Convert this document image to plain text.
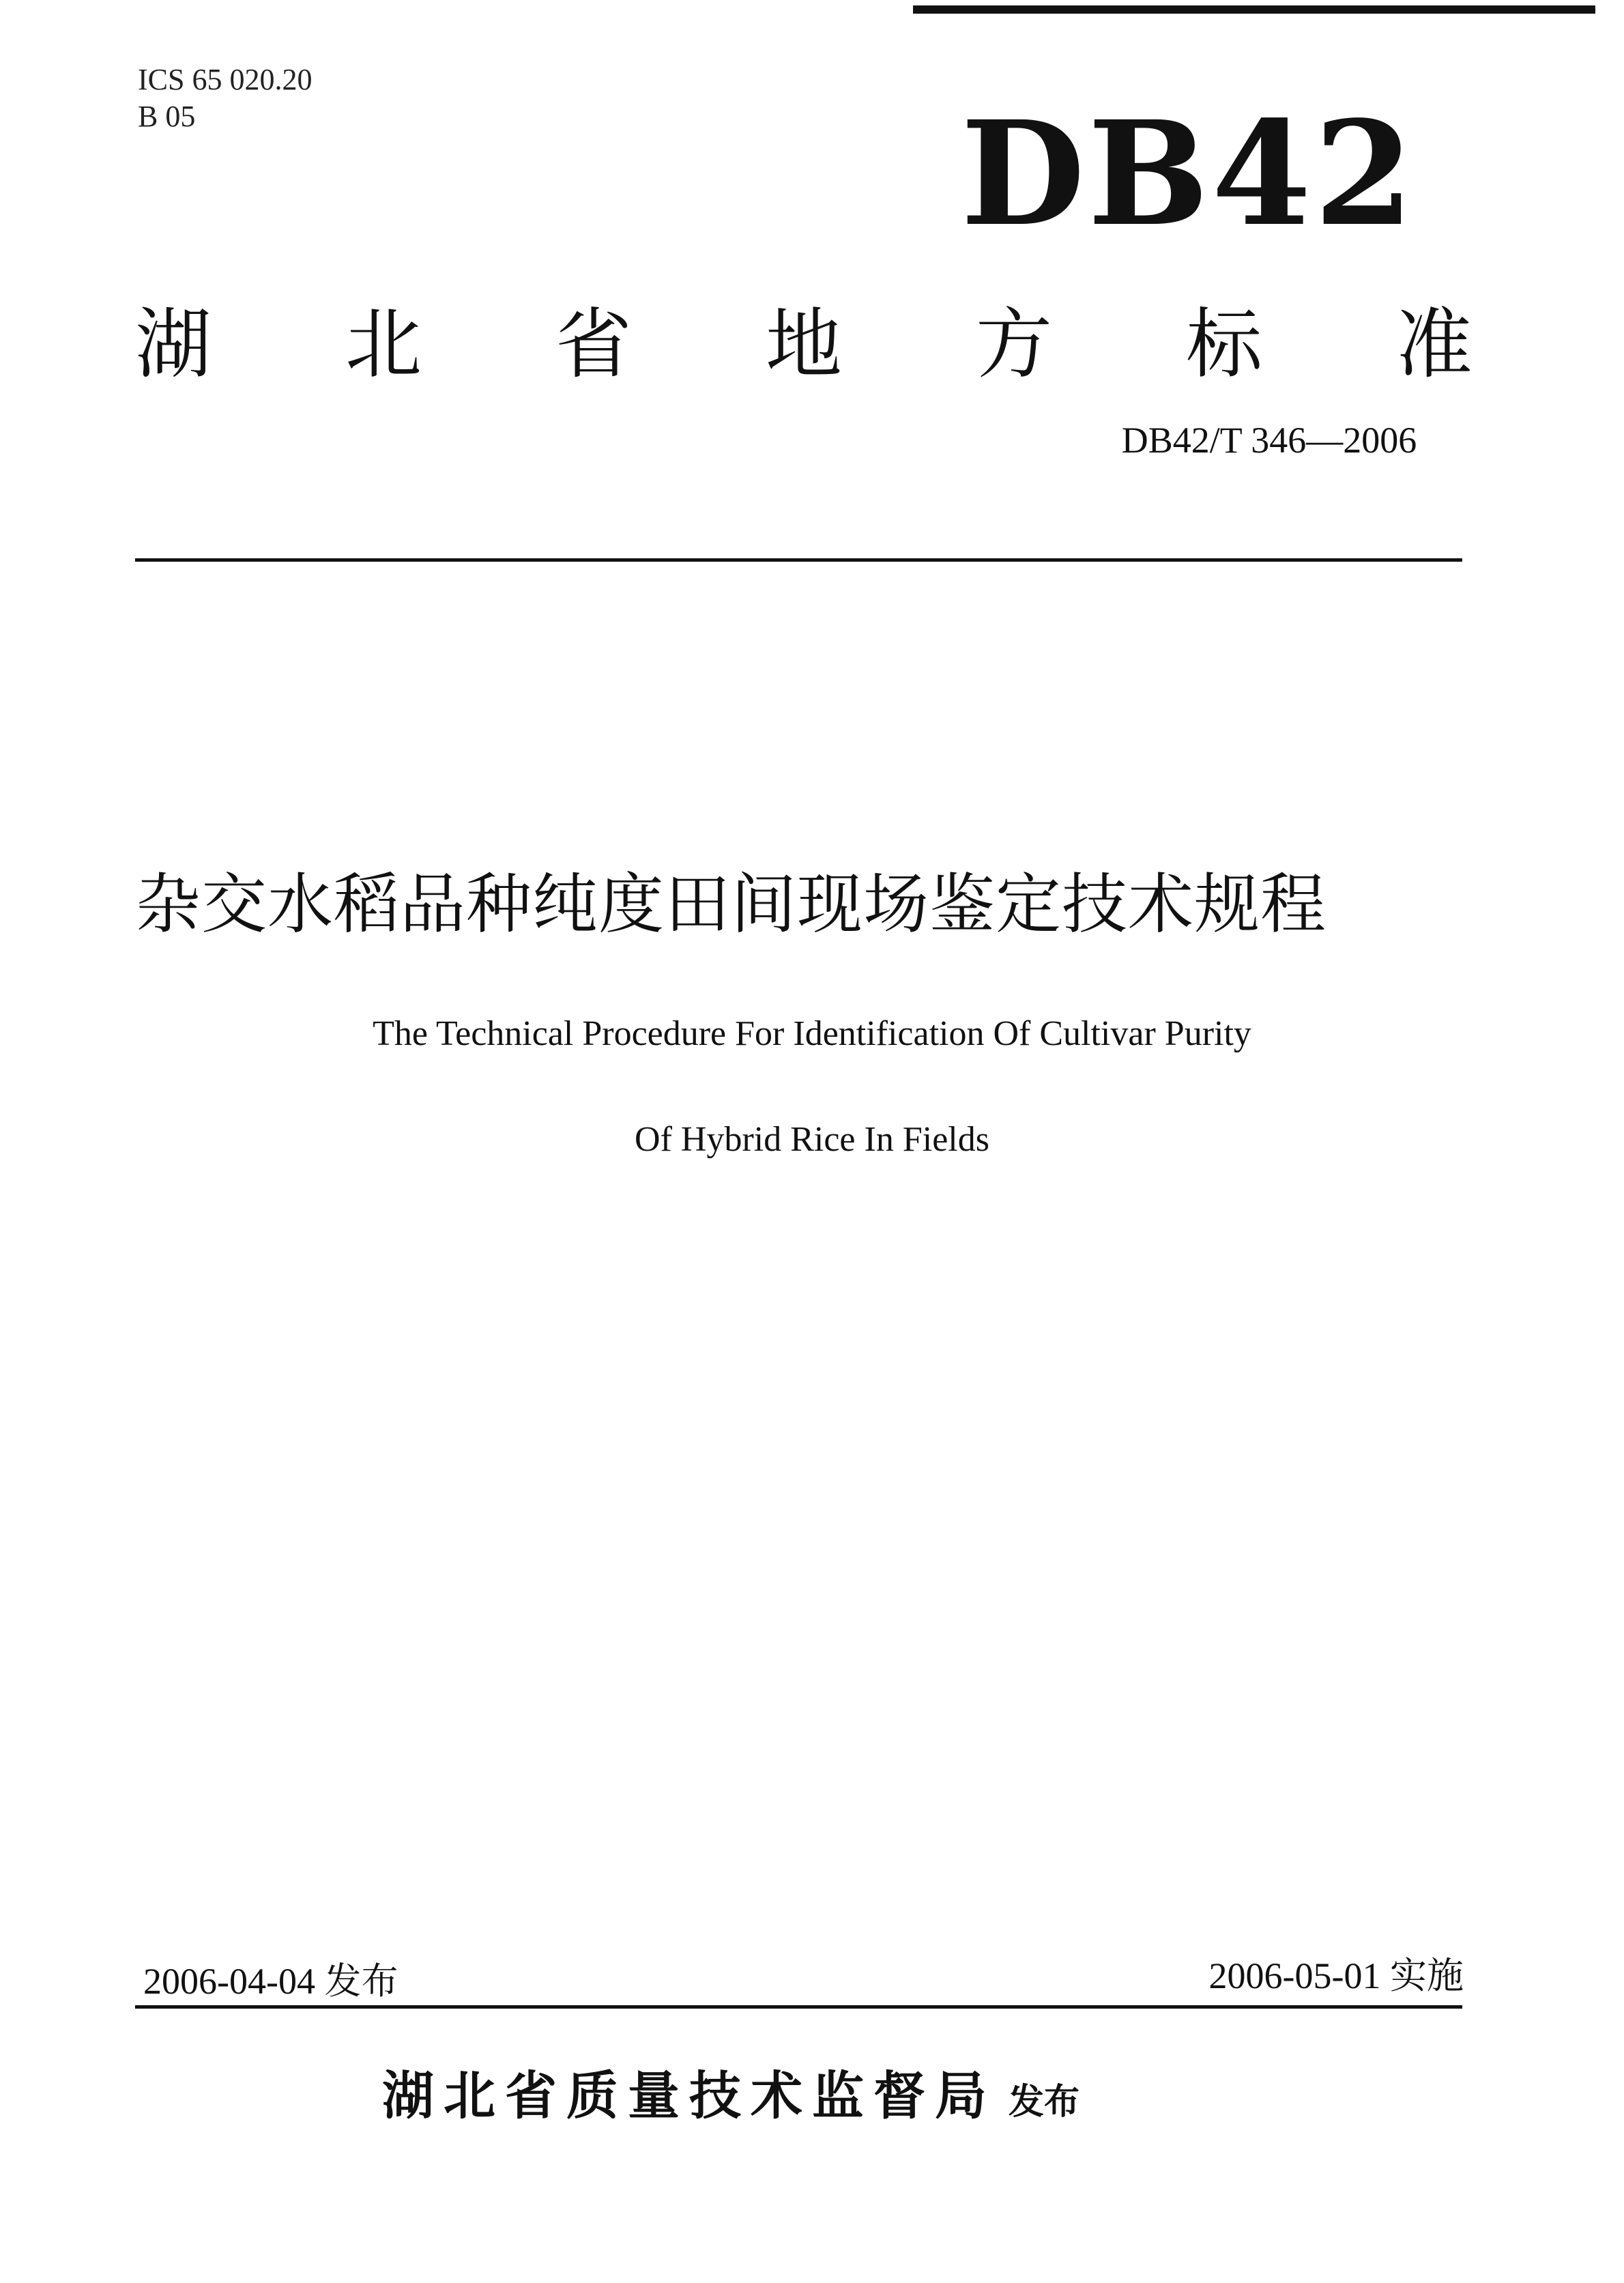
ICS 65 020.20
B 05	DB42
湖 北 省 地 方 标 准
DB42/T 346—2006
杂交水稻品种纯度田间现场鉴定技术规程
The Technical Procedure For Identification Of Cultivar Purity
Of Hybrid Rice In Fields
2006-04-04 发布	2006-05-01 实施
湖北省质量技术监督局 发布
